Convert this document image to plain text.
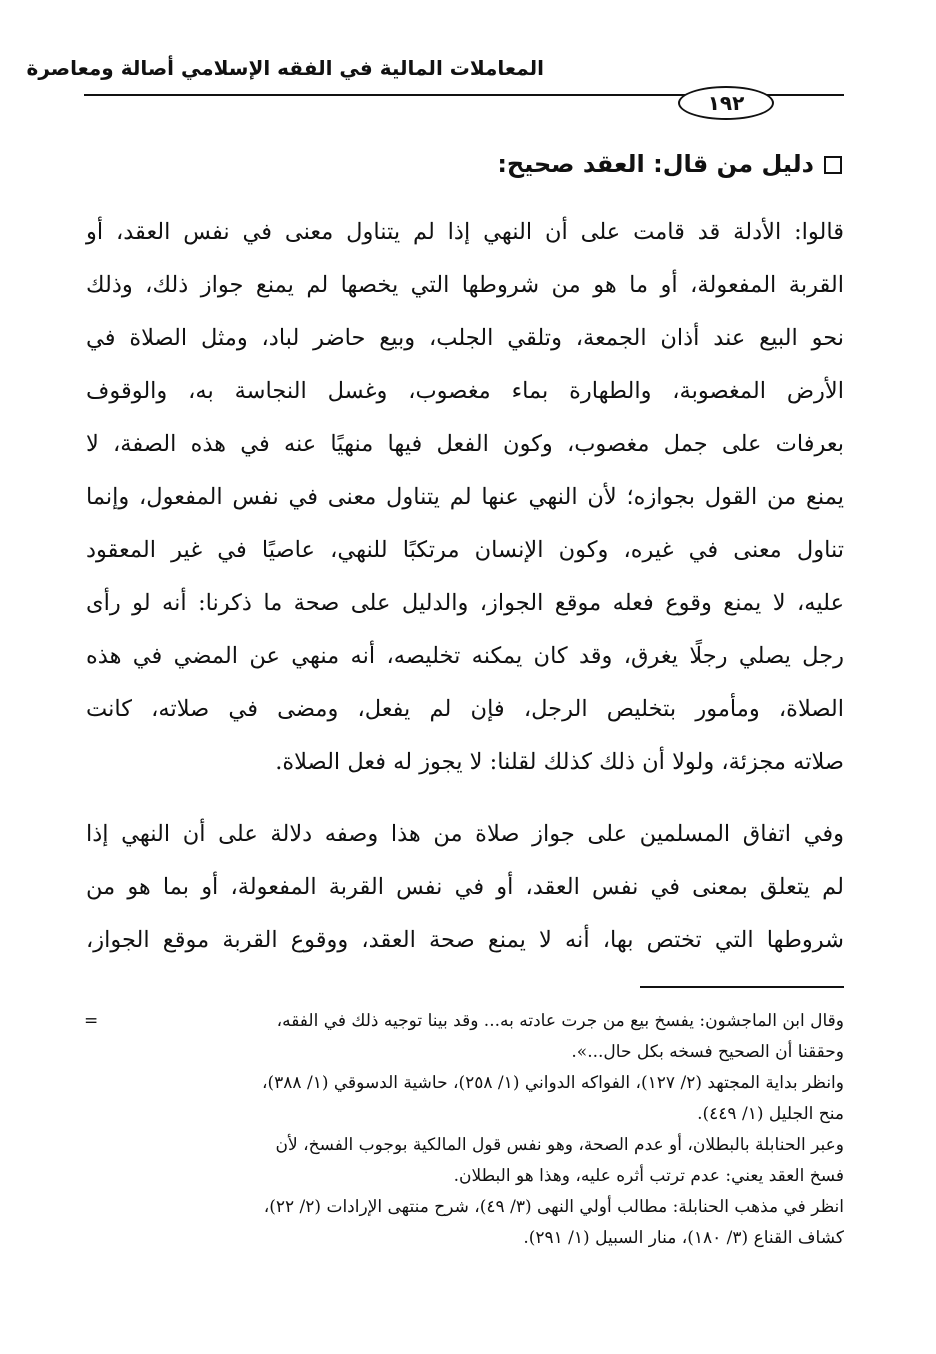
المعاملات المالية في الفقه الإسلامي أصالة ومعاصرة
١٩٢
دليل من قال: العقد صحيح:
قالوا: الأدلة قد قامت على أن النهي إذا لم يتناول معنى في نفس العقد، أو
القربة المفعولة، أو ما هو من شروطها التي يخصها لم يمنع جواز ذلك، وذلك
نحو البيع عند أذان الجمعة، وتلقي الجلب، وبيع حاضر لباد، ومثل الصلاة في
الأرض المغصوبة، والطهارة بماء مغصوب، وغسل النجاسة به، والوقوف
بعرفات على جمل مغصوب، وكون الفعل فيها منهيًا عنه في هذه الصفة، لا
يمنع من القول بجوازه؛ لأن النهي عنها لم يتناول معنى في نفس المفعول، وإنما
تناول معنى في غيره، وكون الإنسان مرتكبًا للنهي، عاصيًا في غير المعقود
عليه، لا يمنع وقوع فعله موقع الجواز، والدليل على صحة ما ذكرنا: أنه لو رأى
رجل يصلي رجلًا يغرق، وقد كان يمكنه تخليصه، أنه منهي عن المضي في هذه
الصلاة، ومأمور بتخليص الرجل، فإن لم يفعل، ومضى في صلاته، كانت
صلاته مجزئة، ولولا أن ذلك كذلك لقلنا: لا يجوز له فعل الصلاة.
وفي اتفاق المسلمين على جواز صلاة من هذا وصفه دلالة على أن النهي إذا
لم يتعلق بمعنى في نفس العقد، أو في نفس القربة المفعولة، أو بما هو من
شروطها التي تختص بها، أنه لا يمنع صحة العقد، ووقوع القربة موقع الجواز،
وقال ابن الماجشون: يفسخ بيع من جرت عادته به... وقد بينا توجيه ذلك في الفقه،
=
وحققنا أن الصحيح فسخه بكل حال...».
وانظر بداية المجتهد (٢/ ١٢٧)، الفواكه الدواني (١/ ٢٥٨)، حاشية الدسوقي (١/ ٣٨٨)،
منح الجليل (١/ ٤٤٩).
وعبر الحنابلة بالبطلان، أو عدم الصحة، وهو نفس قول المالكية بوجوب الفسخ، لأن
فسخ العقد يعني: عدم ترتب أثره عليه، وهذا هو البطلان.
انظر في مذهب الحنابلة: مطالب أولي النهى (٣/ ٤٩)، شرح منتهى الإرادات (٢/ ٢٢)،
كشاف القناع (٣/ ١٨٠)، منار السبيل (١/ ٢٩١).
